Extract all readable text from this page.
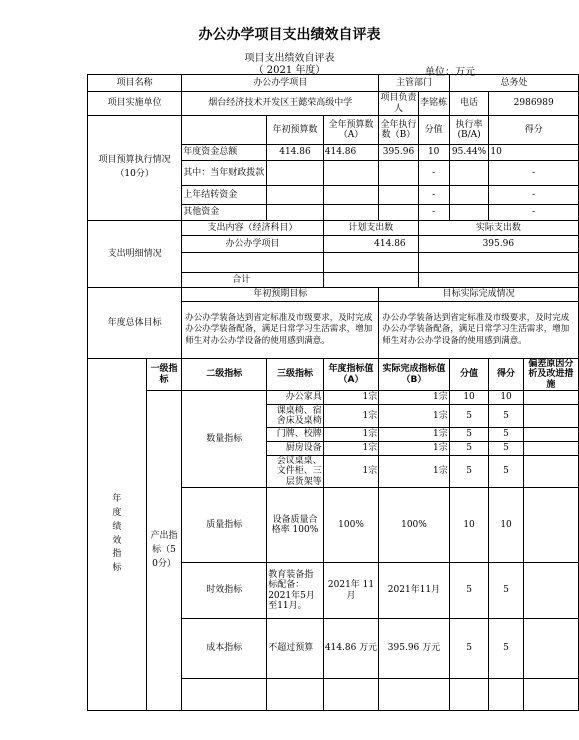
办公办学项目支出绩效自评表
项目支出绩效自评表
（ 2021 年度）	单位：万元
项目名称		办公办学项目			主管部门		总务处		
项目实施单位		烟台经济技术开发区王懿荣高级中学			项目负责人	李铭栋	电话	2986989	
项目预算执行情况（10分）			年初预算数	全年预算数（A）	全年执行数（B）	分值	执行率(B/A)	得分	
		年度资金总额	414.86	414.86	395.96	10	95.44%	10	
		其中：当年财政拨款				-		-	
		上年结转资金				-		-	
		其他资金				-		-	
支出明细情况		支出内容（经济科目）		计划支出数		实际支出数			
		办公办学项目		414.86		395.96			

		合计							
年度总体目标		年初预期目标			目标实际完成情况				
		办公办学装备达到省定标准及市级要求，及时完成办公办学装备配备，满足日常学习生活需求，增加师生对办公办学设备的使用感到满意。			办公办学装备达到省定标准及市级要求，及时完成办公办学装备配备，满足日常学习生活需求，增加师生对办公办学设备的使用感到满意。				

年度绩效指标	一级指标	二级指标	三级指标	年度指标值（A）	实际完成指标值（B）		分值	得分	偏差原因分析及改进措施

	产出指标（50分）	数量指标	办公家具	1宗	1宗		10	10	
			课桌椅、宿舍床及桌椅	1宗	1宗		5	5	
			门牌、校牌	1宗	1宗		5	5	
			厨房设备	1宗	1宗		5	5	
			会议桌桌、文件柜、三层货架等	1宗	1宗		5	5	
		质量指标	设备质量合格率 100%	100%	100%		10	10	
		时效指标	教育装备指标配备：2021年5月至11月。	2021年 11月	2021年11月		5	5	
		成本指标	不超过预算	414.86 万元	395.96 万元		5	5	
